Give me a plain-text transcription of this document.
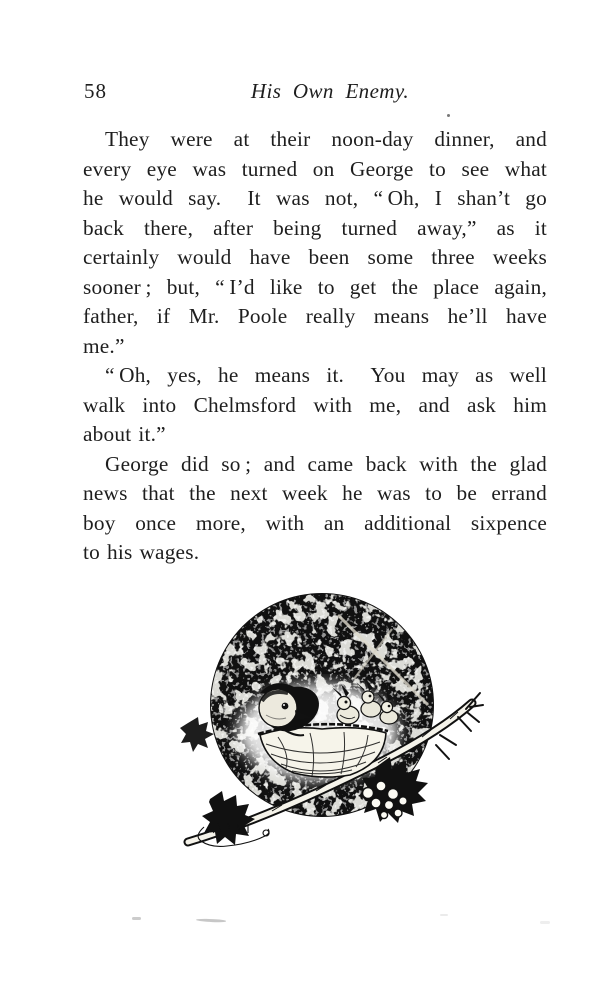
58	His Own Enemy.
They were at their noon-day dinner, and
every eye was turned on George to see what
he would say.  It was not, “ Oh, I shan’t go
back there, after being turned away,” as it
certainly would have been some three weeks
sooner ; but, “ I’d like to get the place again,
father, if Mr. Poole really means he’ll have
me.”
“ Oh, yes, he means it.  You may as well
walk into Chelmsford with me, and ask him
about it.”
George did so ; and came back with the glad
news that the next week he was to be errand
boy once more, with an additional sixpence
to his wages.
